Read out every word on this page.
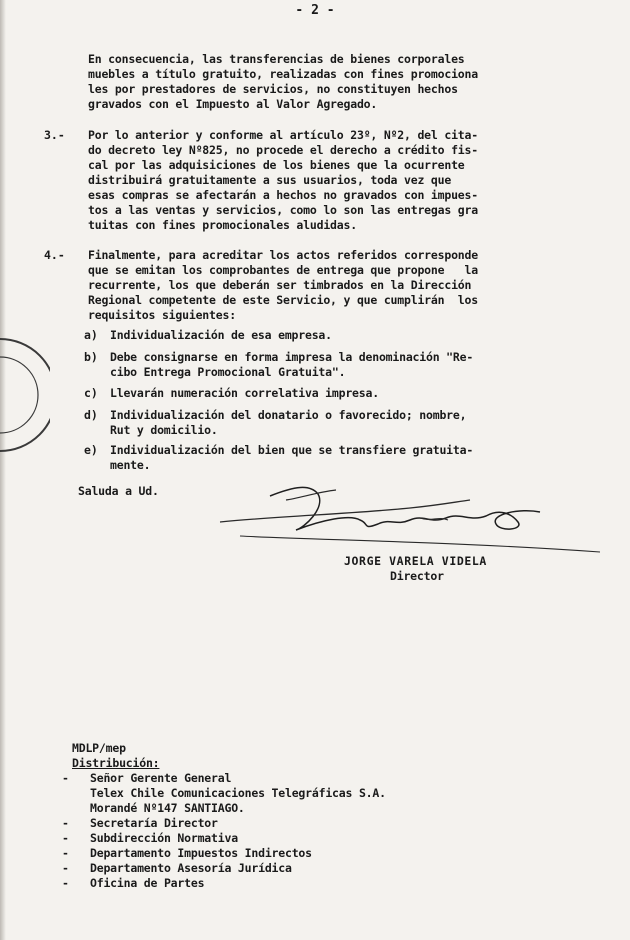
- 2 -
En consecuencia, las transferencias de bienes corporales
muebles a título gratuito, realizadas con fines promociona
les por prestadores de servicios, no constituyen hechos
gravados con el Impuesto al Valor Agregado.
3.- Por lo anterior y conforme al artículo 23º, Nº2, del cita-
do decreto ley Nº825, no procede el derecho a crédito fis-
cal por las adquisiciones de los bienes que la ocurrente
distribuirá gratuitamente a sus usuarios, toda vez que
esas compras se afectarán a hechos no gravados con impues-
tos a las ventas y servicios, como lo son las entregas gra
tuitas con fines promocionales aludidas.
4.- Finalmente, para acreditar los actos referidos corresponde
que se emitan los comprobantes de entrega que propone   la
recurrente, los que deberán ser timbrados en la Dirección
Regional competente de este Servicio, y que cumplirán  los
requisitos siguientes:
a) Individualización de esa empresa.
b) Debe consignarse en forma impresa la denominación "Re-
cibo Entrega Promocional Gratuita".
c) Llevarán numeración correlativa impresa.
d) Individualización del donatario o favorecido; nombre,
Rut y domicilio.
e) Individualización del bien que se transfiere gratuita-
mente.
Saluda a Ud.
JORGE VARELA VIDELA
Director
MDLP/mep
Distribución:
- Señor Gerente General
Telex Chile Comunicaciones Telegráficas S.A.
Morandé Nº147 SANTIAGO.
- Secretaría Director
- Subdirección Normativa
- Departamento Impuestos Indirectos
- Departamento Asesoría Jurídica
- Oficina de Partes
